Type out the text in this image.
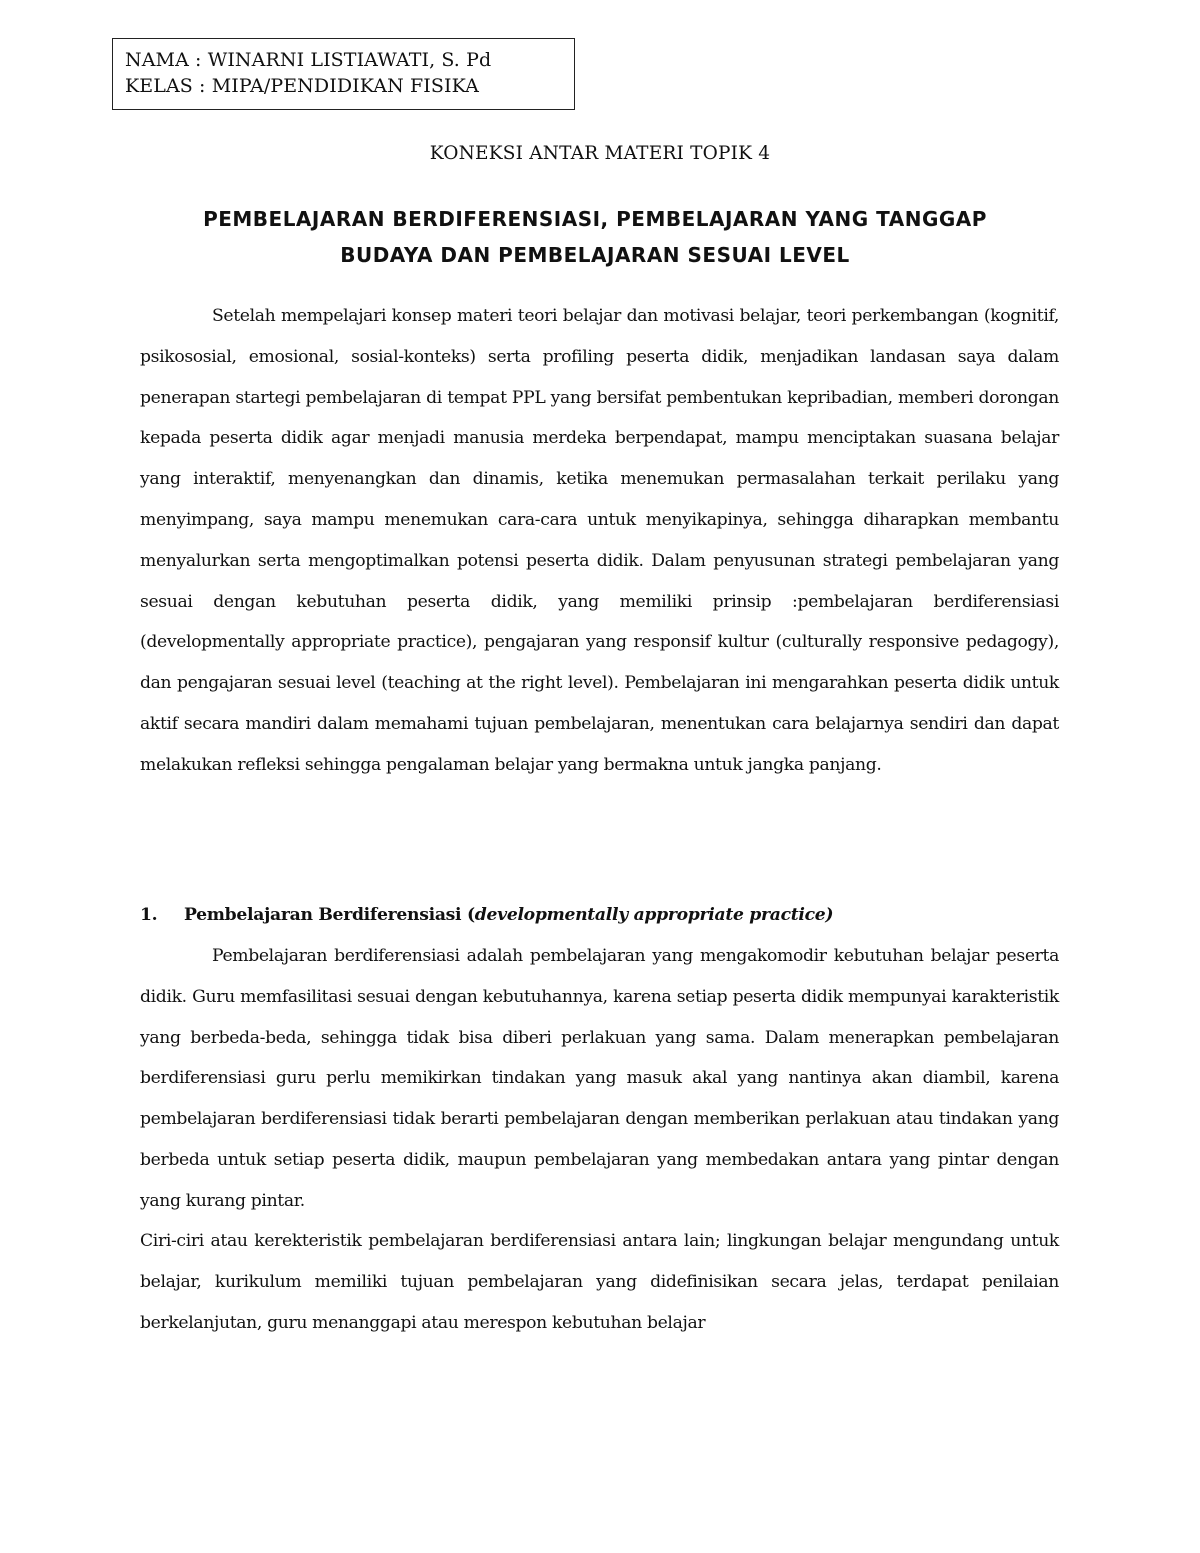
NAMA : WINARNI LISTIAWATI, S. Pd
KELAS : MIPA/PENDIDIKAN FISIKA
KONEKSI ANTAR MATERI TOPIK 4
PEMBELAJARAN BERDIFERENSIASI, PEMBELAJARAN YANG TANGGAP
BUDAYA DAN PEMBELAJARAN SESUAI LEVEL

Setelah mempelajari konsep materi teori belajar dan motivasi belajar, teori perkembangan (kognitif, psikososial, emosional, sosial-konteks) serta profiling peserta didik, menjadikan landasan saya dalam penerapan startegi pembelajaran di tempat PPL yang bersifat pembentukan kepribadian, memberi dorongan kepada peserta didik agar menjadi manusia merdeka berpendapat, mampu menciptakan suasana belajar yang interaktif, menyenangkan dan dinamis, ketika menemukan permasalahan terkait perilaku yang menyimpang, saya mampu menemukan cara-cara untuk menyikapinya, sehingga diharapkan membantu menyalurkan serta mengoptimalkan potensi peserta didik. Dalam penyusunan strategi pembelajaran yang sesuai dengan kebutuhan peserta didik, yang memiliki prinsip :pembelajaran berdiferensiasi (developmentally appropriate practice), pengajaran yang responsif kultur (culturally responsive pedagogy), dan pengajaran sesuai level (teaching at the right level). Pembelajaran ini mengarahkan peserta didik untuk aktif secara mandiri dalam memahami tujuan pembelajaran, menentukan cara belajarnya sendiri dan dapat melakukan refleksi sehingga pengalaman belajar yang bermakna untuk jangka panjang.

1. Pembelajaran Berdiferensiasi (developmentally appropriate practice)

Pembelajaran berdiferensiasi adalah pembelajaran yang mengakomodir kebutuhan belajar peserta didik. Guru memfasilitasi sesuai dengan kebutuhannya, karena setiap peserta didik mempunyai karakteristik yang berbeda-beda, sehingga tidak bisa diberi perlakuan yang sama. Dalam menerapkan pembelajaran berdiferensiasi guru perlu memikirkan tindakan yang masuk akal yang nantinya akan diambil, karena pembelajaran berdiferensiasi tidak berarti pembelajaran dengan memberikan perlakuan atau tindakan yang berbeda untuk setiap peserta didik, maupun pembelajaran yang membedakan antara yang pintar dengan yang kurang pintar.

Ciri-ciri atau kerekteristik pembelajaran berdiferensiasi antara lain; lingkungan belajar mengundang untuk belajar, kurikulum memiliki tujuan pembelajaran yang didefinisikan secara jelas, terdapat penilaian berkelanjutan, guru menanggapi atau merespon kebutuhan belajar
